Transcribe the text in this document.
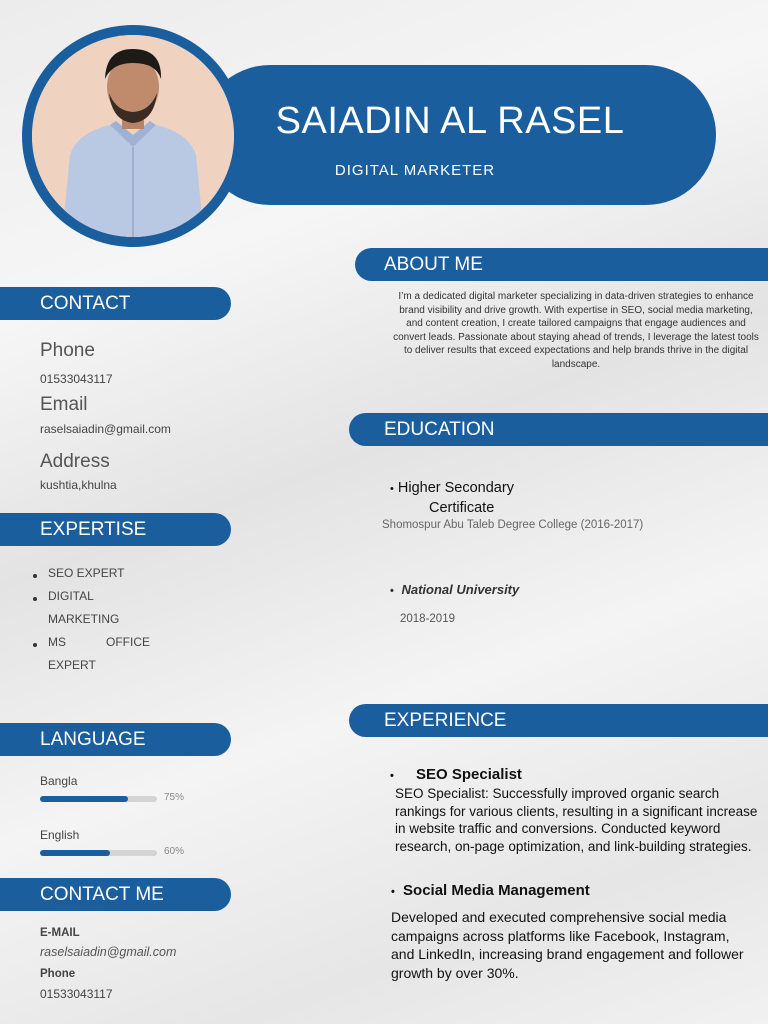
SAIADIN AL RASEL
DIGITAL MARKETER
CONTACT
Phone
01533043117
Email
raselsaiadin@gmail.com
Address
kushtia,khulna
EXPERTISE
SEO EXPERT
DIGITAL
MARKETING
MS	OFFICE
EXPERT
LANGUAGE
Bangla
75%
English
60%
CONTACT ME
E-MAIL
raselsaiadin@gmail.com
Phone
01533043117
ABOUT ME
I’m a dedicated digital marketer specializing in data-driven strategies to enhance brand visibility and drive growth. With expertise in SEO, social media marketing, and content creation, I create tailored campaigns that engage audiences and convert leads. Passionate about staying ahead of trends, I leverage the latest tools to deliver results that exceed expectations and help brands thrive in the digital landscape.
EDUCATION
• Higher Secondary
Certificate
Shomospur Abu Taleb Degree College (2016-2017)
• National University
2018-2019
EXPERIENCE
• SEO Specialist
SEO Specialist: Successfully improved organic search rankings for various clients, resulting in a significant increase in website traffic and conversions. Conducted keyword research, on-page optimization, and link-building strategies.
• Social Media Management
Developed and executed comprehensive social media campaigns across platforms like Facebook, Instagram, and LinkedIn, increasing brand engagement and follower growth by over 30%.
